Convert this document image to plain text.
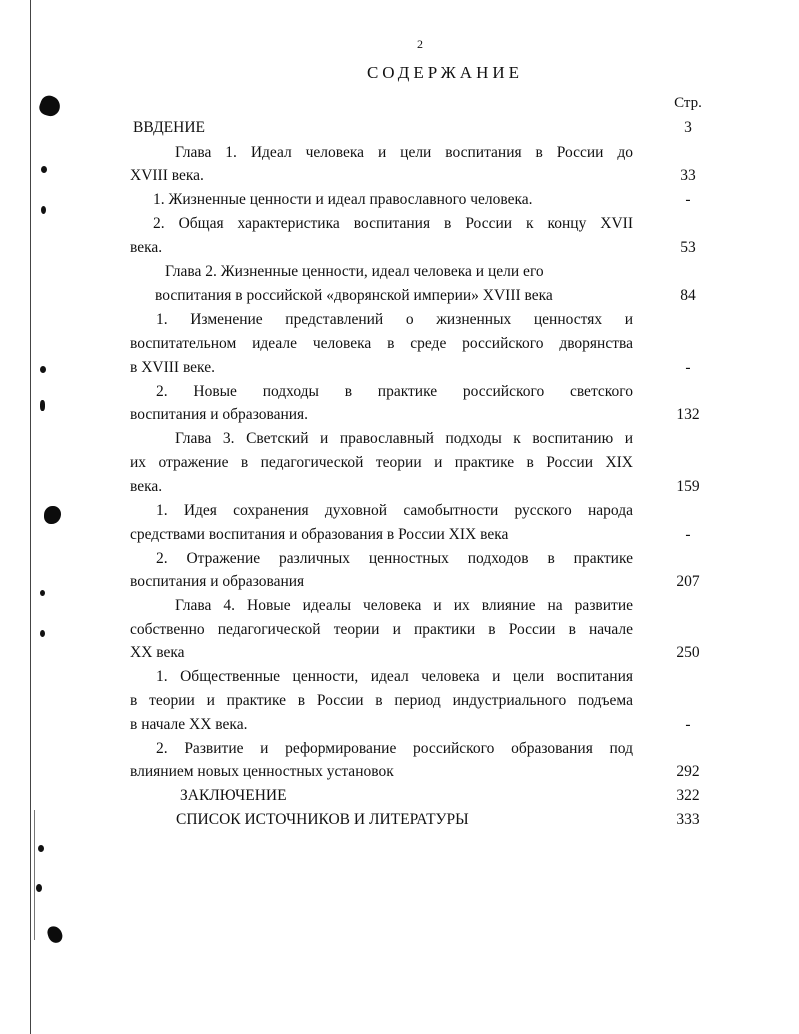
2
СОДЕРЖАНИЕ
Стр.
ВВДЕНИЕ	3
Глава 1. Идеал человека и цели воспитания в России до
XVIII века.	33
1. Жизненные ценности и идеал православного человека.	-
2. Общая характеристика воспитания в России к концу XVII
века.	53
Глава 2. Жизненные ценности, идеал человека и цели его
воспитания в российской «дворянской империи» XVIII века	84
1. Изменение представлений о жизненных ценностях и
воспитательном идеале человека в среде российского дворянства
в XVIII веке.	-
2. Новые подходы в практике российского светского
воспитания и образования.	132
Глава 3. Светский и православный подходы к воспитанию и
их отражение в педагогической теории и практике в России XIX
века.	159
1. Идея сохранения духовной самобытности русского народа
средствами воспитания и образования в России XIX века	-
2. Отражение различных ценностных подходов в практике
воспитания и образования	207
Глава 4. Новые идеалы человека и их влияние на развитие
собственно педагогической теории и практики в России в начале
XX века	250
1. Общественные ценности, идеал человека и цели воспитания
в теории и практике в России в период индустриального подъема
в начале XX века.	-
2. Развитие и реформирование российского образования под
влиянием новых ценностных установок	292
ЗАКЛЮЧЕНИЕ	322
СПИСОК ИСТОЧНИКОВ И ЛИТЕРАТУРЫ	333
